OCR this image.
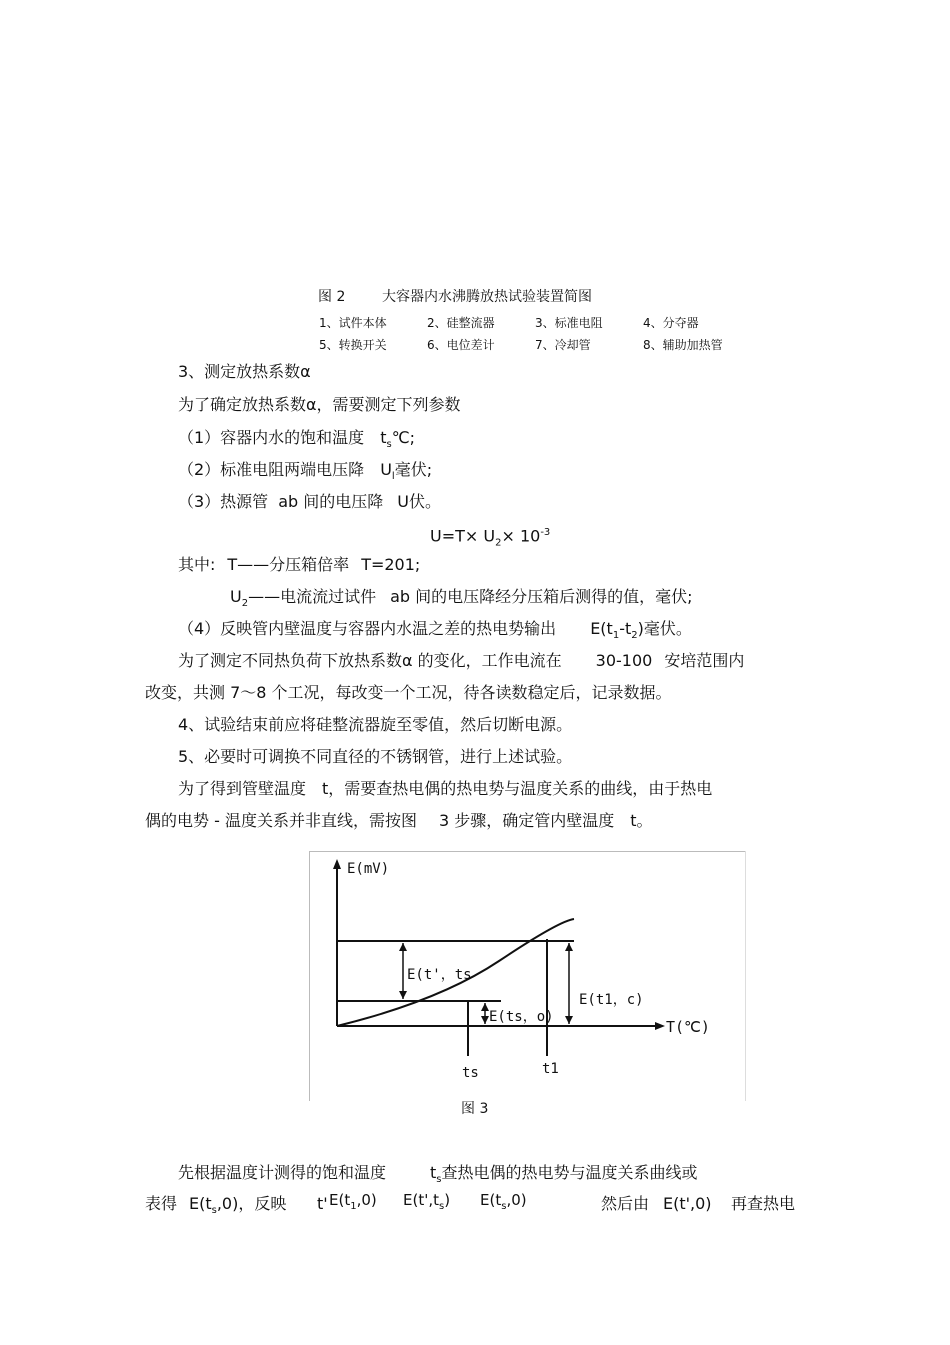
图 2	大容器内水沸腾放热试验装置简图
1、试件本体	2、硅整流器	3、标准电阻	4、分夺器
5、转换开关	6、电位差计	7、冷却管	8、辅助加热管
3、测定放热系数α
为了确定放热系数α，需要测定下列参数
（1）容器内水的饱和温度 $t_s℃$;
（2）标准电阻两端电压降 $U_l$毫伏;
（3）热源管 ab 间的电压降 U伏。
$U=T\times U_2\times 10^{-3}$
其中: T——分压箱倍率 T=201;
$U_2——$电流流过试件 ab 间的电压降经分压箱后测得的值，毫伏;
（4）反映管内壁温度与容器内水温之差的热电势输出 $E(t_1-t_2)$毫伏。
为了测定不同热负荷下放热系数α 的变化，工作电流在 30-100 安培范围内
改变，共测 7～8 个工况，每改变一个工况，待各读数稳定后，记录数据。
4、试验结束前应将硅整流器旋至零值，然后切断电源。
5、必要时可调换不同直径的不锈钢管，进行上述试验。
为了得到管壁温度 t，需要查热电偶的热电势与温度关系的曲线，由于热电
偶的电势 - 温度关系并非直线，需按图 3 步骤，确定管内壁温度 t。
E(mV)
T(℃)
E(t'，ts
E(ts，o)
E(t1，c)
ts	t1
图 3
先根据温度计测得的饱和温度	$t_s$查热电偶的热电势与温度关系曲线或
表得 $E(t_s,0)$，反映 t' $E(t_1,0)$ $E(t',t_s)$ $E(t_s,0)$	然后由 E(t',0) 再查热电
